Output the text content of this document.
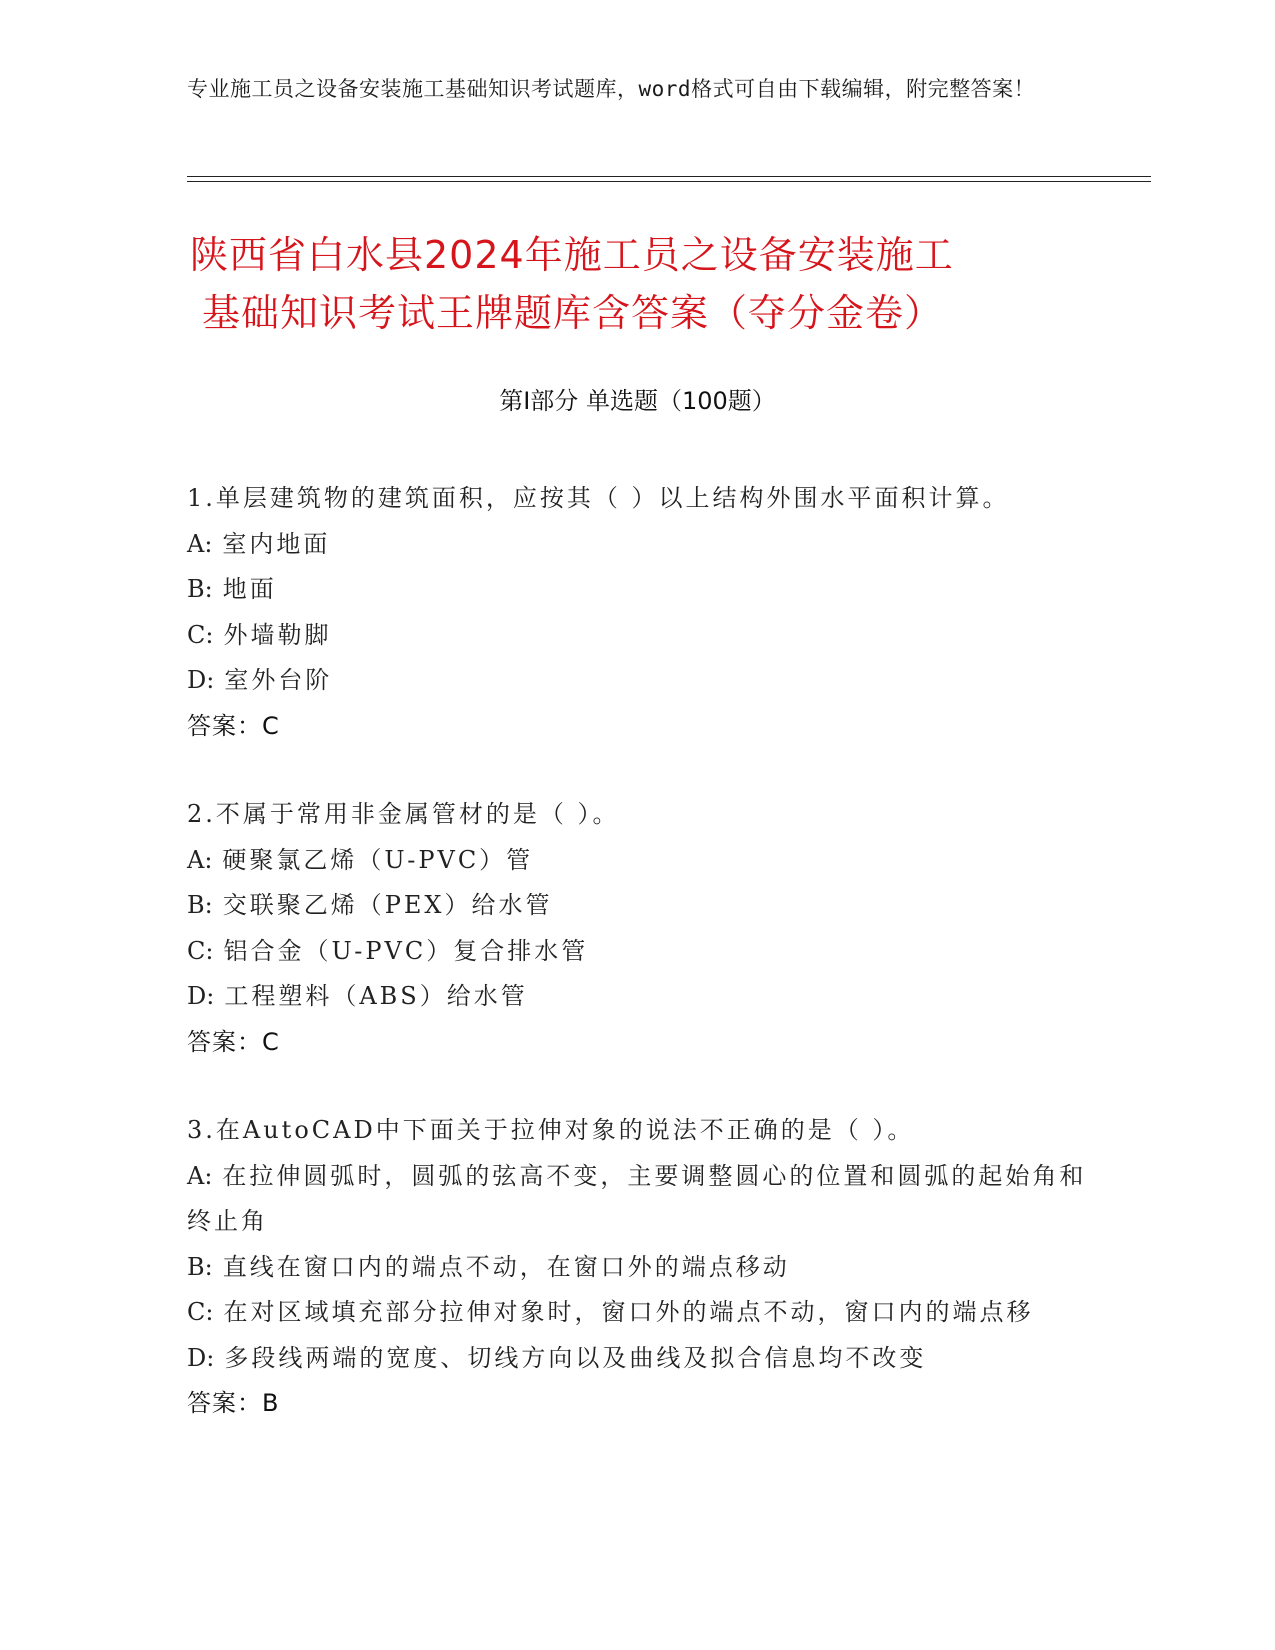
专业施工员之设备安装施工基础知识考试题库，word格式可自由下载编辑，附完整答案！
陕西省白水县2024年施工员之设备安装施工
基础知识考试王牌题库含答案（夺分金卷）
第Ⅰ部分 单选题（100题）
1.单层建筑物的建筑面积，应按其（ ）以上结构外围水平面积计算。
A: 室内地面
B: 地面
C: 外墙勒脚
D: 室外台阶
答案：C
2.不属于常用非金属管材的是（ ）。
A: 硬聚氯乙烯（U-PVC）管
B: 交联聚乙烯（PEX）给水管
C: 铝合金（U-PVC）复合排水管
D: 工程塑料（ABS）给水管
答案：C
3.在AutoCAD中下面关于拉伸对象的说法不正确的是（ ）。
A: 在拉伸圆弧时，圆弧的弦高不变，主要调整圆心的位置和圆弧的起始角和终止角
B: 直线在窗口内的端点不动，在窗口外的端点移动
C: 在对区域填充部分拉伸对象时，窗口外的端点不动，窗口内的端点移
D: 多段线两端的宽度、切线方向以及曲线及拟合信息均不改变
答案：B
